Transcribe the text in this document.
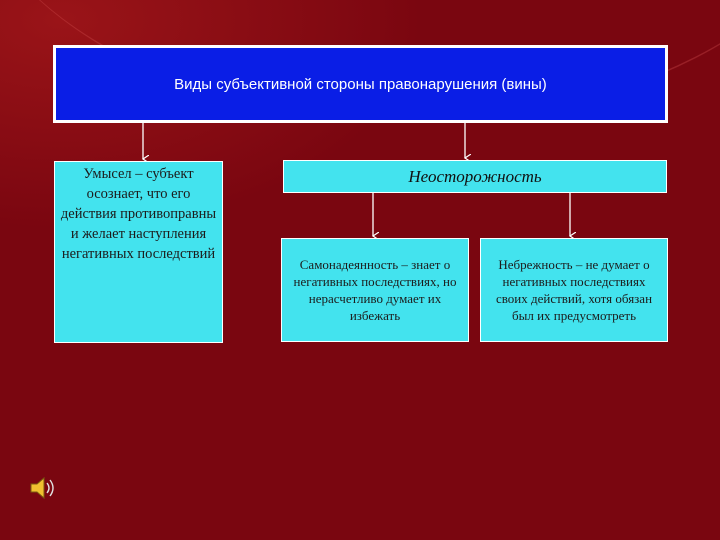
Виды субъективной стороны правонарушения (вины)
Умысел – субъект осознает, что его действия противоправны и желает наступления негативных последствий
Неосторожность
Самонадеянность – знает о негативных последствиях, но нерасчетливо думает их избежать
Небрежность – не думает о негативных последствиях своих действий, хотя обязан был их предусмотреть
